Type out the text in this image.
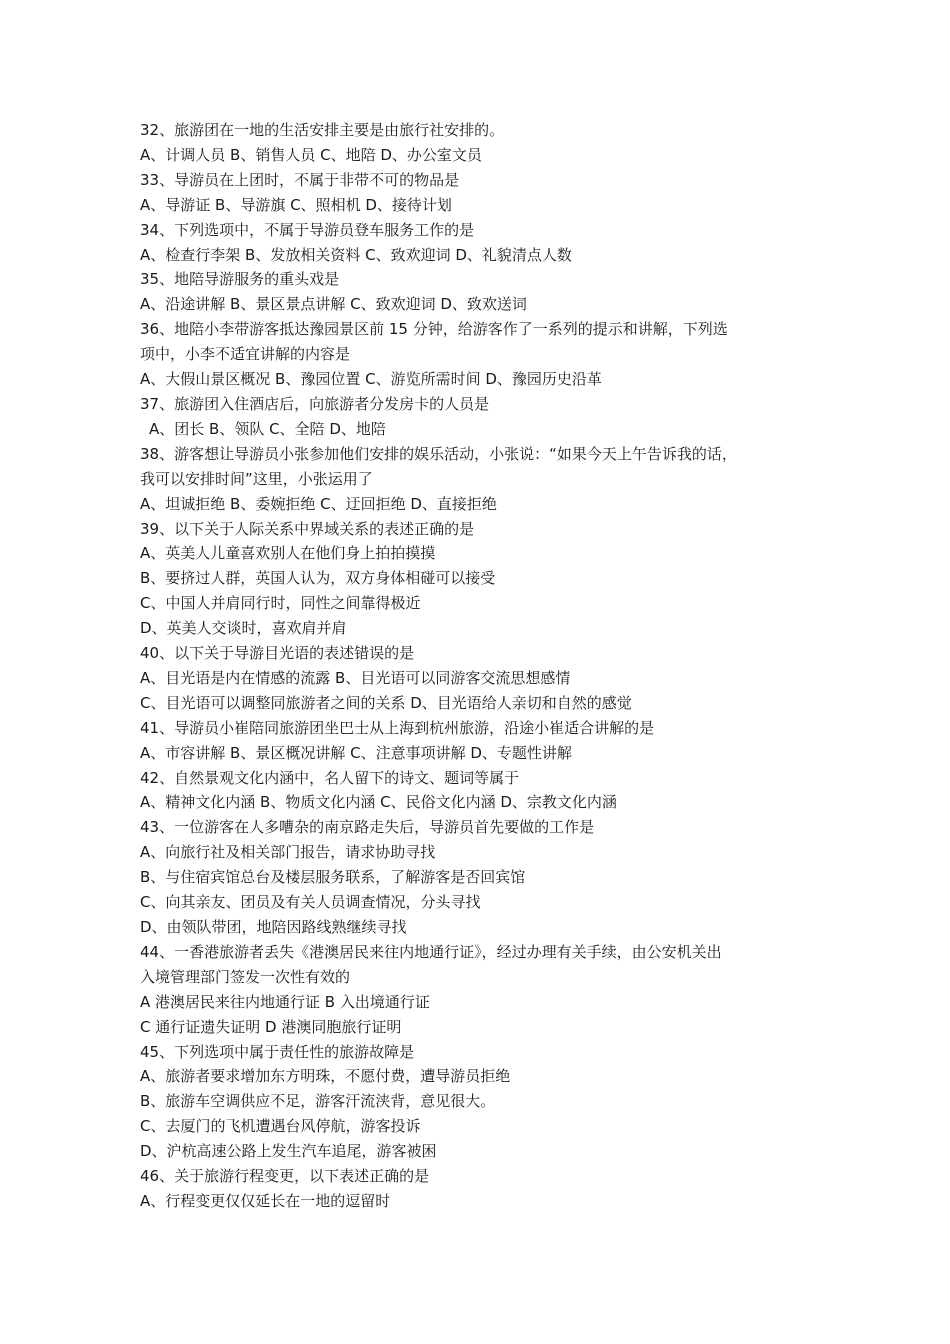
32、旅游团在一地的生活安排主要是由旅行社安排的。

A、计调人员 B、销售人员 C、地陪 D、办公室文员

33、导游员在上团时，不属于非带不可的物品是

A、导游证 B、导游旗 C、照相机 D、接待计划

34、下列选项中，不属于导游员登车服务工作的是

A、检查行李架 B、发放相关资料 C、致欢迎词 D、礼貌清点人数

35、地陪导游服务的重头戏是

A、沿途讲解 B、景区景点讲解 C、致欢迎词 D、致欢送词

36、地陪小李带游客抵达豫园景区前 15 分钟，给游客作了一系列的提示和讲解，下列选

项中，小李不适宜讲解的内容是

A、大假山景区概况 B、豫园位置 C、游览所需时间 D、豫园历史沿革

37、旅游团入住酒店后，向旅游者分发房卡的人员是

A、团长 B、领队 C、全陪 D、地陪

38、游客想让导游员小张参加他们安排的娱乐活动，小张说：“如果今天上午告诉我的话，

我可以安排时间”这里，小张运用了

A、坦诚拒绝 B、委婉拒绝 C、迂回拒绝 D、直接拒绝

39、以下关于人际关系中界域关系的表述正确的是

A、英美人儿童喜欢别人在他们身上拍拍摸摸

B、要挤过人群，英国人认为，双方身体相碰可以接受

C、中国人并肩同行时，同性之间靠得极近

D、英美人交谈时，喜欢肩并肩

40、以下关于导游目光语的表述错误的是

A、目光语是内在情感的流露 B、目光语可以同游客交流思想感情

C、目光语可以调整同旅游者之间的关系 D、目光语给人亲切和自然的感觉

41、导游员小崔陪同旅游团坐巴士从上海到杭州旅游，沿途小崔适合讲解的是

A、市容讲解 B、景区概况讲解 C、注意事项讲解 D、专题性讲解

42、自然景观文化内涵中，名人留下的诗文、题词等属于

A、精神文化内涵 B、物质文化内涵 C、民俗文化内涵 D、宗教文化内涵

43、一位游客在人多嘈杂的南京路走失后，导游员首先要做的工作是

A、向旅行社及相关部门报告，请求协助寻找

B、与住宿宾馆总台及楼层服务联系，了解游客是否回宾馆

C、向其亲友、团员及有关人员调查情况，分头寻找

D、由领队带团，地陪因路线熟继续寻找

44、一香港旅游者丢失《港澳居民来往内地通行证》，经过办理有关手续，由公安机关出

入境管理部门签发一次性有效的

A 港澳居民来往内地通行证 B 入出境通行证

C 通行证遗失证明 D 港澳同胞旅行证明

45、下列选项中属于责任性的旅游故障是

A、旅游者要求增加东方明珠，不愿付费，遭导游员拒绝

B、旅游车空调供应不足，游客汗流浃背，意见很大。

C、去厦门的飞机遭遇台风停航，游客投诉

D、沪杭高速公路上发生汽车追尾，游客被困

46、关于旅游行程变更，以下表述正确的是

A、行程变更仅仅延长在一地的逗留时
